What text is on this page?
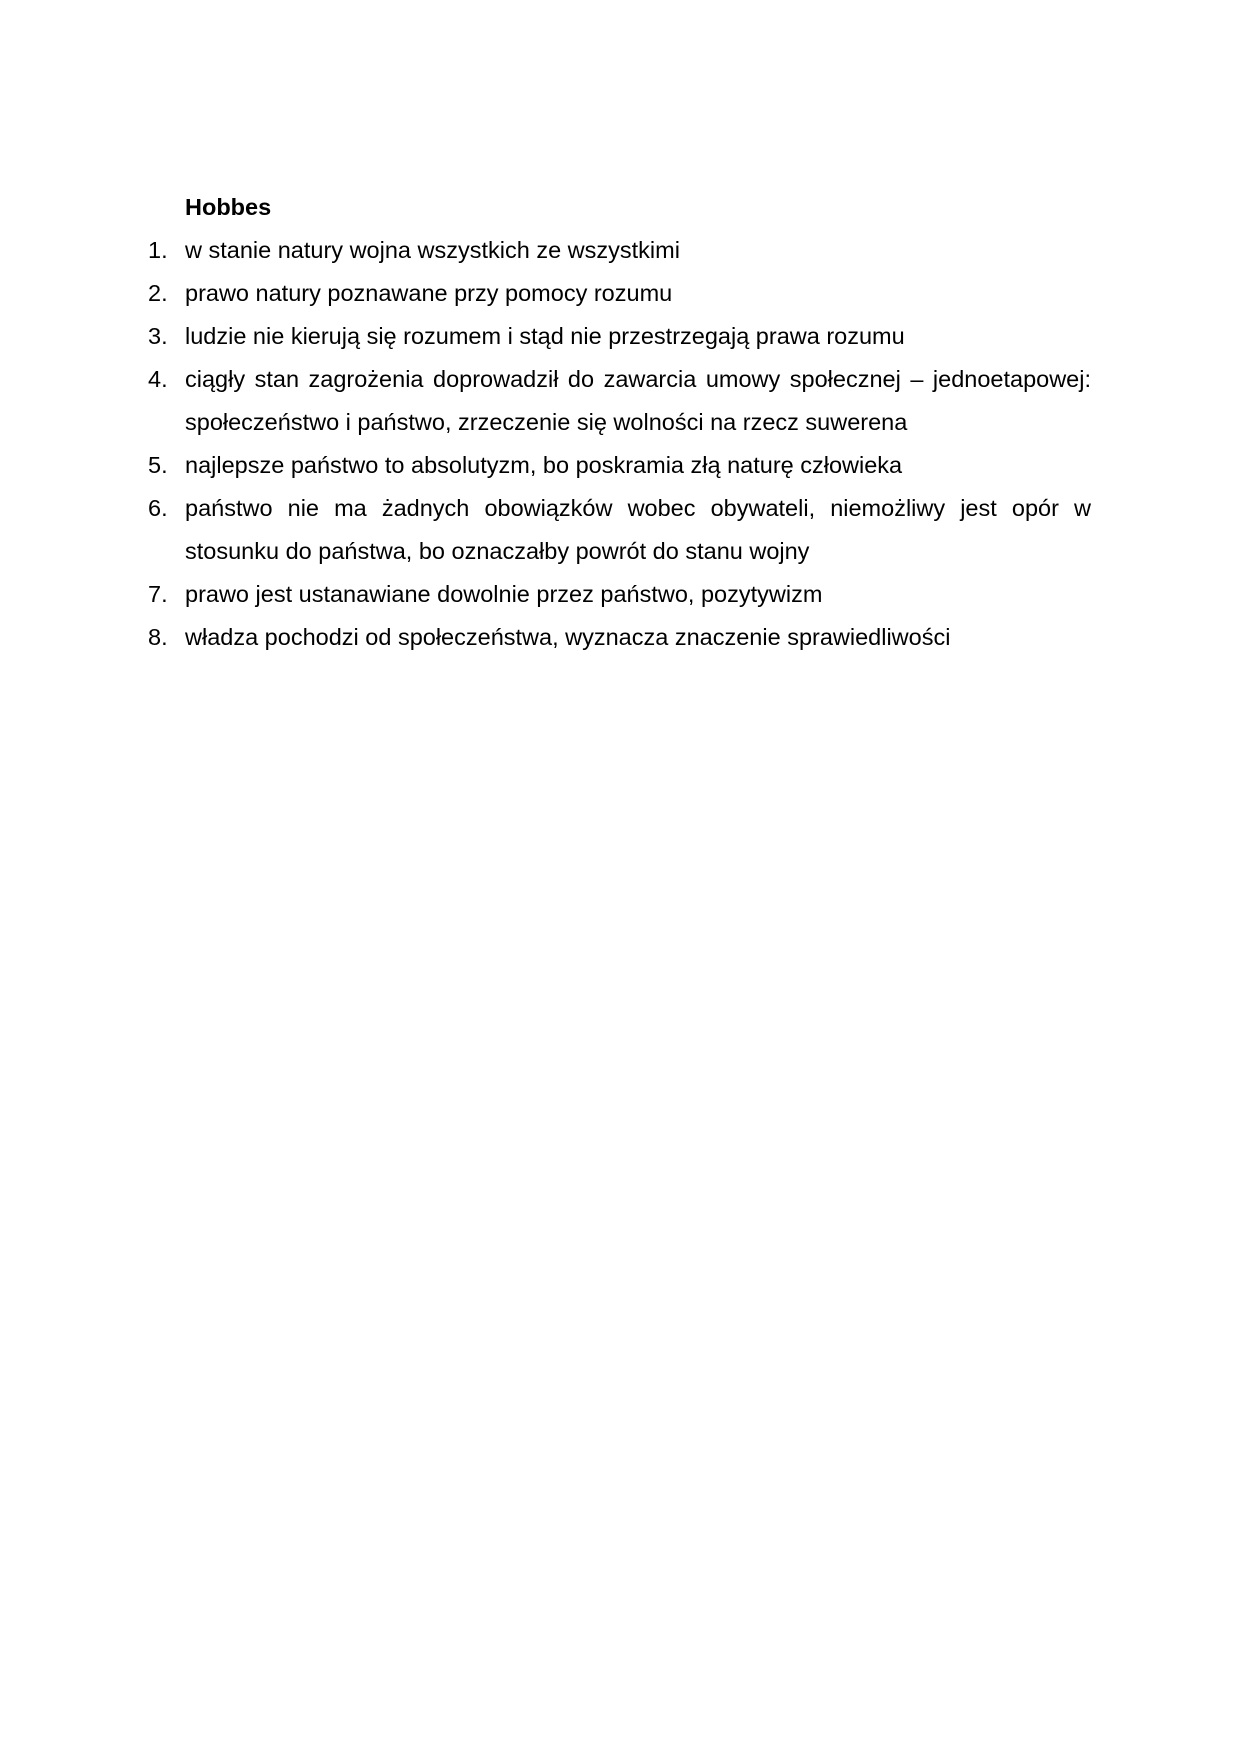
Hobbes
1. w stanie natury wojna wszystkich ze wszystkimi
2. prawo natury poznawane przy pomocy rozumu
3. ludzie nie kierują się rozumem i stąd nie przestrzegają prawa rozumu
4. ciągły stan zagrożenia doprowadził do zawarcia umowy społecznej – jednoetapowej: społeczeństwo i państwo, zrzeczenie się wolności na rzecz suwerena
5. najlepsze państwo to absolutyzm, bo poskramia złą naturę człowieka
6. państwo nie ma żadnych obowiązków wobec obywateli, niemożliwy jest opór w stosunku do państwa, bo oznaczałby powrót do stanu wojny
7. prawo jest ustanawiane dowolnie przez państwo, pozytywizm
8. władza pochodzi od społeczeństwa, wyznacza znaczenie sprawiedliwości
